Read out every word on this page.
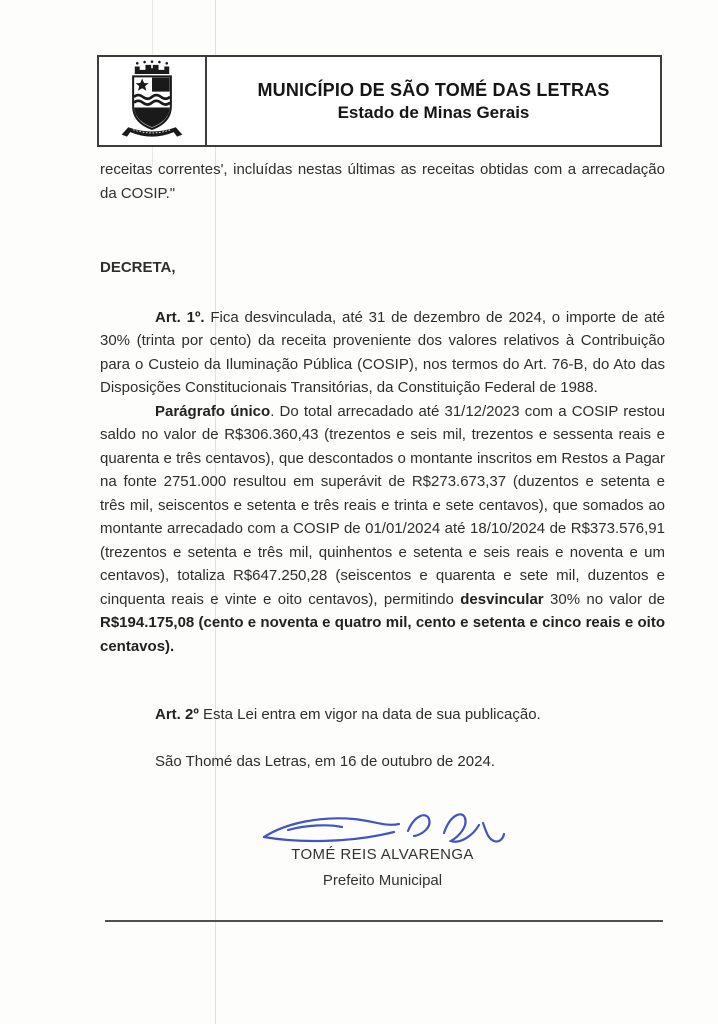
MUNICÍPIO DE SÃO TOMÉ DAS LETRAS
Estado de Minas Gerais

receitas correntes', incluídas nestas últimas as receitas obtidas com a arrecadação da COSIP."

DECRETA,

Art. 1º. Fica desvinculada, até 31 de dezembro de 2024, o importe de até 30% (trinta por cento) da receita proveniente dos valores relativos à Contribuição para o Custeio da Iluminação Pública (COSIP), nos termos do Art. 76-B, do Ato das Disposições Constitucionais Transitórias, da Constituição Federal de 1988.

Parágrafo único. Do total arrecadado até 31/12/2023 com a COSIP restou saldo no valor de R$306.360,43 (trezentos e seis mil, trezentos e sessenta reais e quarenta e três centavos), que descontados o montante inscritos em Restos a Pagar na fonte 2751.000 resultou em superávit de R$273.673,37 (duzentos e setenta e três mil, seiscentos e setenta e três reais e trinta e sete centavos), que somados ao montante arrecadado com a COSIP de 01/01/2024 até 18/10/2024 de R$373.576,91 (trezentos e setenta e três mil, quinhentos e setenta e seis reais e noventa e um centavos), totaliza R$647.250,28 (seiscentos e quarenta e sete mil, duzentos e cinquenta reais e vinte e oito centavos), permitindo desvincular 30% no valor de R$194.175,08 (cento e noventa e quatro mil, cento e setenta e cinco reais e oito centavos).

Art. 2º Esta Lei entra em vigor na data de sua publicação.

São Thomé das Letras, em 16 de outubro de 2024.

TOMÉ REIS ALVARENGA
Prefeito Municipal
